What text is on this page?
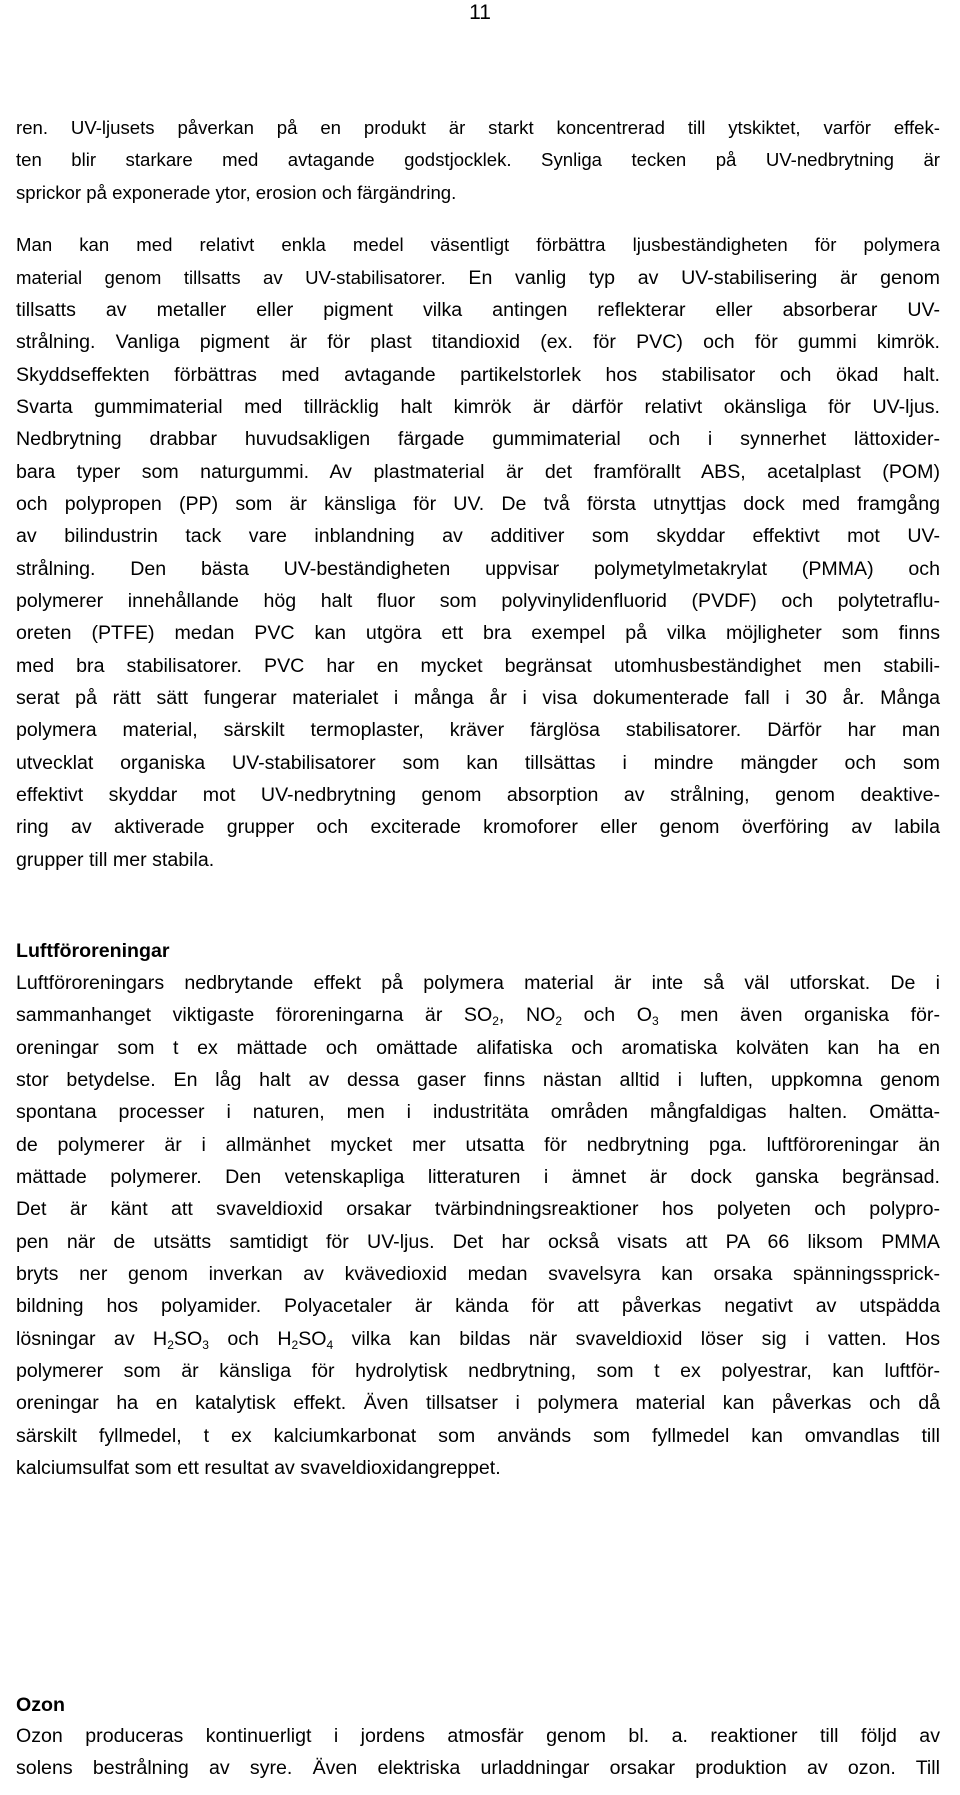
11
ren. UV-ljusets påverkan på en produkt är starkt koncentrerad till ytskiktet, varför effek-
ten blir starkare med avtagande godstjocklek. Synliga tecken på UV-nedbrytning är
sprickor på exponerade ytor, erosion och färgändring.
Man kan med relativt enkla medel väsentligt förbättra ljusbeständigheten för polymera
material genom tillsatts av UV-stabilisatorer. En vanlig typ av UV-stabilisering är genom
tillsatts av metaller eller pigment vilka antingen reflekterar eller absorberar UV-
strålning. Vanliga pigment är för plast titandioxid (ex. för PVC) och för gummi kimrök.
Skyddseffekten förbättras med avtagande partikelstorlek hos stabilisator och ökad halt.
Svarta gummimaterial med tillräcklig halt kimrök är därför relativt okänsliga för UV-ljus.
Nedbrytning drabbar huvudsakligen färgade gummimaterial och i synnerhet lättoxider-
bara typer som naturgummi. Av plastmaterial är det framförallt ABS, acetalplast (POM)
och polypropen (PP) som är känsliga för UV. De två första utnyttjas dock med framgång
av bilindustrin tack vare inblandning av additiver som skyddar effektivt mot UV-
strålning. Den bästa UV-beständigheten uppvisar polymetylmetakrylat (PMMA) och
polymerer innehållande hög halt fluor som polyvinylidenfluorid (PVDF) och polytetraflu-
oreten (PTFE) medan PVC kan utgöra ett bra exempel på vilka möjligheter som finns
med bra stabilisatorer. PVC har en mycket begränsat utomhusbeständighet men stabili-
serat på rätt sätt fungerar materialet i många år i visa dokumenterade fall i 30 år. Många
polymera material, särskilt termoplaster, kräver färglösa stabilisatorer. Därför har man
utvecklat organiska UV-stabilisatorer som kan tillsättas i mindre mängder och som
effektivt skyddar mot UV-nedbrytning genom absorption av strålning, genom deaktive-
ring av aktiverade grupper och exciterade kromoforer eller genom överföring av labila
grupper till mer stabila.
Luftföroreningar
Luftföroreningars nedbrytande effekt på polymera material är inte så väl utforskat. De i
sammanhanget viktigaste föroreningarna är $SO_2$, $NO_2$ och $O_3$ men även organiska för-
oreningar som t ex mättade och omättade alifatiska och aromatiska kolväten kan ha en
stor betydelse. En låg halt av dessa gaser finns nästan alltid i luften, uppkomna genom
spontana processer i naturen, men i industritäta områden mångfaldigas halten. Omätta-
de polymerer är i allmänhet mycket mer utsatta för nedbrytning pga. luftföroreningar än
mättade polymerer. Den vetenskapliga litteraturen i ämnet är dock ganska begränsad.
Det är känt att svaveldioxid orsakar tvärbindningsreaktioner hos polyeten och polypro-
pen när de utsätts samtidigt för UV-ljus. Det har också visats att PA 66 liksom PMMA
bryts ner genom inverkan av kvävedioxid medan svavelsyra kan orsaka spänningssprick-
bildning hos polyamider. Polyacetaler är kända för att påverkas negativt av utspädda
lösningar av $H_2SO_3$ och $H_2SO_4$ vilka kan bildas när svaveldioxid löser sig i vatten. Hos
polymerer som är känsliga för hydrolytisk nedbrytning, som t ex polyestrar, kan luftför-
oreningar ha en katalytisk effekt. Även tillsatser i polymera material kan påverkas och då
särskilt fyllmedel, t ex kalciumkarbonat som används som fyllmedel kan omvandlas till
kalciumsulfat som ett resultat av svaveldioxidangreppet.
Ozon
Ozon produceras kontinuerligt i jordens atmosfär genom bl. a. reaktioner till följd av
solens bestrålning av syre. Även elektriska urladdningar orsakar produktion av ozon. Till
